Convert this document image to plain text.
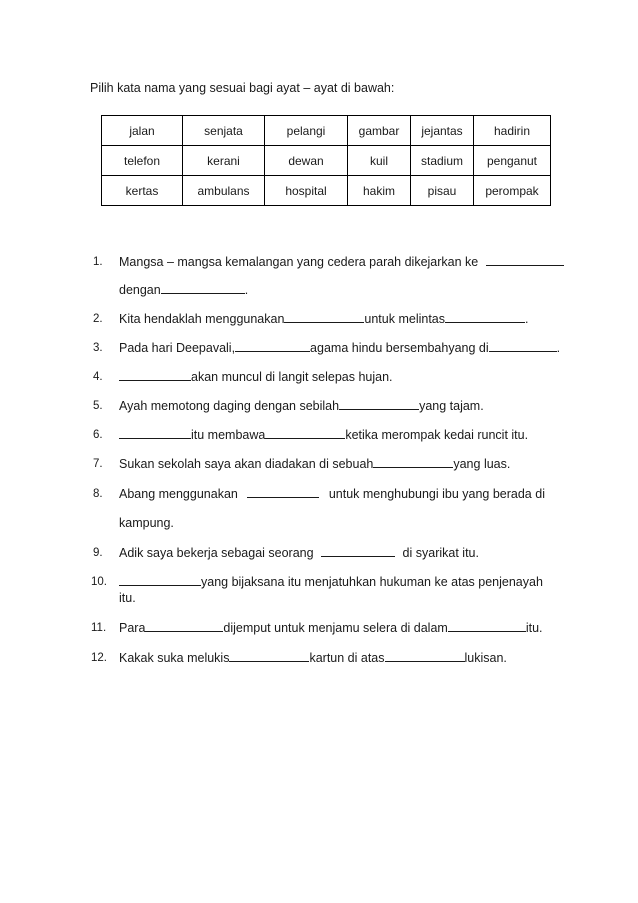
Pilih kata nama yang sesuai bagi ayat – ayat di bawah:
jalan	senjata	pelangi	gambar	jejantas	hadirin
telefon	kerani	dewan	kuil	stadium	penganut
kertas	ambulans	hospital	hakim	pisau	perompak
1. Mangsa – mangsa kemalangan yang cedera parah dikejarkan ke
dengan	.
2. Kita hendaklah menggunakan	untuk melintas	.
3. Pada hari Deepavali,	agama hindu bersembahyang di	.
4.	akan muncul di langit selepas hujan.
5. Ayah memotong daging dengan sebilah	yang tajam.
6.	itu membawa	ketika merompak kedai runcit itu.
7. Sukan sekolah saya akan diadakan di sebuah	yang luas.
8. Abang menggunakan	untuk menghubungi ibu yang berada di
kampung.
9. Adik saya bekerja sebagai seorang	di syarikat itu.
10.	yang bijaksana itu menjatuhkan hukuman ke atas penjenayah
itu.
11. Para	dijemput untuk menjamu selera di dalam	itu.
12. Kakak suka melukis	kartun di atas	lukisan.
